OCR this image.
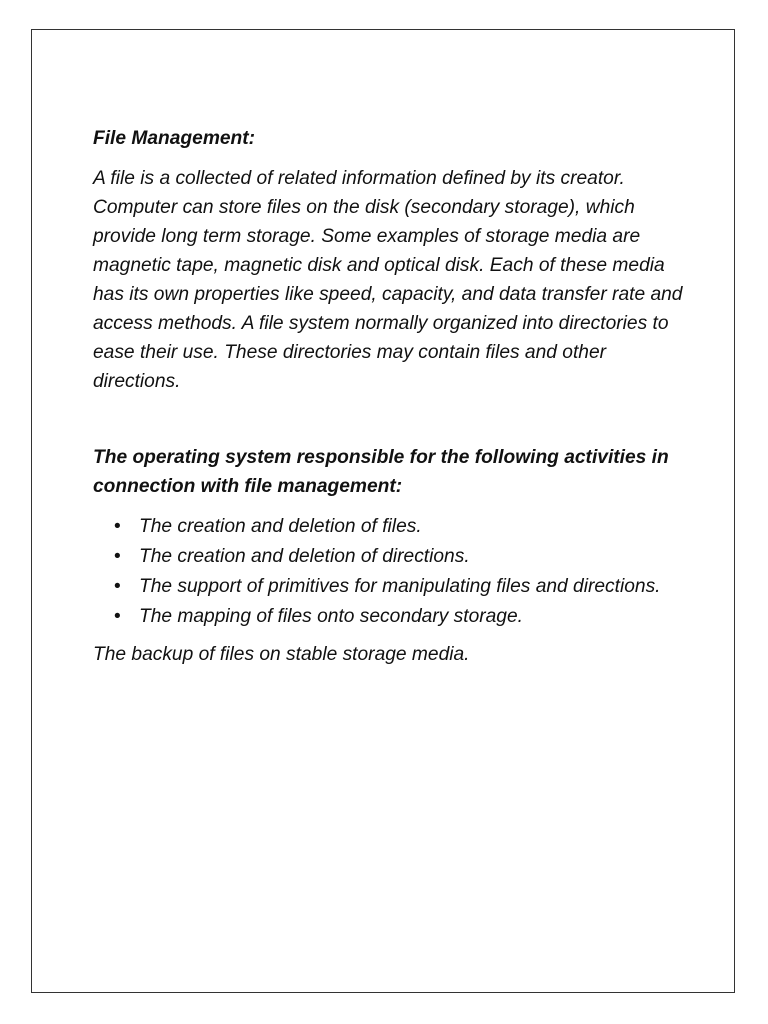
File Management:

A file is a collected of related information defined by its creator. Computer can store files on the disk (secondary storage), which provide long term storage. Some examples of storage media are magnetic tape, magnetic disk and optical disk. Each of these media has its own properties like speed, capacity, and data transfer rate and access methods. A file system normally organized into directories to ease their use. These directories may contain files and other directions.

The operating system responsible for the following activities in connection with file management:

• The creation and deletion of files.
• The creation and deletion of directions.
• The support of primitives for manipulating files and directions.
• The mapping of files onto secondary storage.

The backup of files on stable storage media.
